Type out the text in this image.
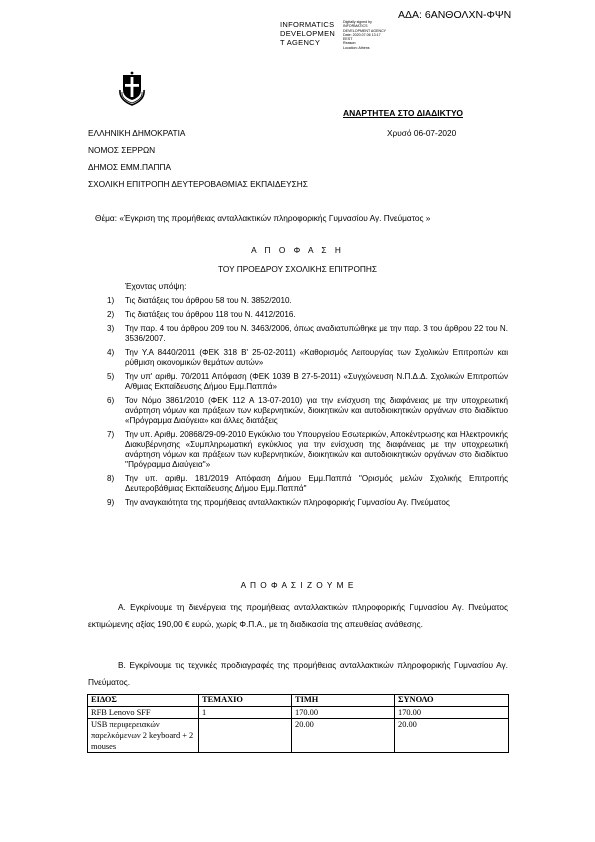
ΑΔΑ: 6ΑΝΘΟΛΧΝ-ΦΨΝ
INFORMATICS
DEVELOPMEN
T AGENCY
Digitally signed by
INFORMATICS
DEVELOPMENT AGENCY
Date: 2020.07.06 13:17
EEST
Reason:
Location: Athens
ΑΝΑΡΤΗΤΕΑ ΣΤΟ ΔΙΑΔΙΚΤΥΟ
ΕΛΛΗΝΙΚΗ ΔΗΜΟΚΡΑΤΙΑ	Χρυσό 06-07-2020
ΝΟΜΟΣ ΣΕΡΡΩΝ
ΔΗΜΟΣ ΕΜΜ.ΠΑΠΠΑ
ΣΧΟΛΙΚΗ ΕΠΙΤΡΟΠΗ ΔΕΥΤΕΡΟΒΑΘΜΙΑΣ ΕΚΠΑΙΔΕΥΣΗΣ
Θέμα: «Έγκριση της προμήθειας ανταλλακτικών πληροφορικής Γυμνασίου Αγ. Πνεύματος »
Α Π Ο Φ Α Σ Η
ΤΟΥ ΠΡΟΕΔΡΟΥ ΣΧΟΛΙΚΗΣ ΕΠΙΤΡΟΠΗΣ
Έχοντας υπόψη:
1) Τις διατάξεις του άρθρου 58 του Ν. 3852/2010.
2) Τις διατάξεις του άρθρου 118 του Ν. 4412/2016.
3) Την παρ. 4 του άρθρου 209 του Ν. 3463/2006, όπως αναδιατυπώθηκε με την παρ. 3 του άρθρου 22 του Ν. 3536/2007.
4) Την Υ.Α 8440/2011 (ΦΕΚ 318 Β' 25-02-2011) «Καθορισμός Λειτουργίας των Σχολικών Επιτροπών και ρύθμιση οικονομικών θεμάτων αυτών»
5) Την υπ' αριθμ. 70/2011 Απόφαση (ΦΕΚ 1039 Β 27-5-2011) «Συγχώνευση Ν.Π.Δ.Δ. Σχολικών Επιτροπών Α/θμιας Εκπαίδευσης Δήμου Εμμ.Παππά»
6) Τον Νόμο 3861/2010 (ΦΕΚ 112 Α 13-07-2010) για την ενίσχυση της διαφάνειας με την υποχρεωτική ανάρτηση νόμων και πράξεων των κυβερνητικών, διοικητικών και αυτοδιοικητικών οργάνων στο διαδίκτυο «Πρόγραμμα Διαύγεια» και άλλες διατάξεις
7) Την υπ. Αριθμ. 20868/29-09-2010 Εγκύκλιο του Υπουργείου Εσωτερικών, Αποκέντρωσης και Ηλεκτρονικής Διακυβέρνησης «Συμπληρωματική εγκύκλιος για την ενίσχυση της διαφάνειας με την υποχρεωτική ανάρτηση νόμων και πράξεων των κυβερνητικών, διοικητικών και αυτοδιοικητικών οργάνων στο διαδίκτυο ''Πρόγραμμα Διαύγεια''»
8) Την υπ. αριθμ. 181/2019 Απόφαση Δήμου Εμμ.Παππά "Ορισμός μελών Σχολικής Επιτροπής Δευτεροβάθμιας Εκπαίδευσης Δήμου Εμμ.Παππά"
9) Την αναγκαιότητα της προμήθειας ανταλλακτικών πληροφορικής Γυμνασίου Αγ. Πνεύματος
Α Π Ο Φ Α Σ Ι Ζ Ο Υ Μ Ε
Α. Εγκρίνουμε τη διενέργεια της προμήθειας ανταλλακτικών πληροφορικής Γυμνασίου Αγ. Πνεύματος εκτιμώμενης αξίας 190,00 € ευρώ, χωρίς Φ.Π.Α., με τη διαδικασία της απευθείας ανάθεσης.
Β. Εγκρίνουμε τις τεχνικές προδιαγραφές της προμήθειας ανταλλακτικών πληροφορικής Γυμνασίου Αγ. Πνεύματος.
ΕΙΔΟΣ	ΤΕΜΑΧΙΟ	ΤΙΜΗ	ΣΥΝΟΛΟ
RFB Lenovo SFF	1	170.00	170.00
USB περιφερειακών παρελκόμενων 2 keyboard + 2 mouses		20.00	20.00
